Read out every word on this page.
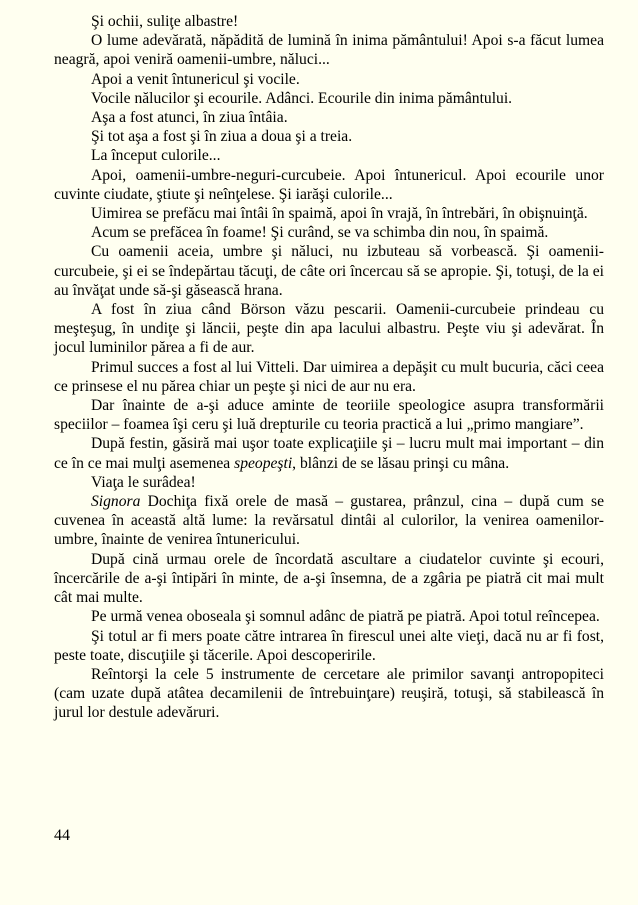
Şi ochii, suliţe albastre!

O lume adevărată, năpădită de lumină în inima pământului! Apoi s-a făcut lumea neagră, apoi veniră oamenii-umbre, năluci...

Apoi a venit întunericul şi vocile.

Vocile nălucilor şi ecourile. Adânci. Ecourile din inima pământului.

Aşa a fost atunci, în ziua întâia.

Şi tot aşa a fost şi în ziua a doua şi a treia.

La început culorile...

Apoi, oamenii-umbre-neguri-curcubeie. Apoi întunericul. Apoi ecourile unor cuvinte ciudate, ştiute şi neînţelese. Şi iarăşi culorile...

Uimirea se prefăcu mai întâi în spaimă, apoi în vrajă, în întrebări, în obişnuinţă.

Acum se prefăcea în foame! Şi curând, se va schimba din nou, în spaimă.

Cu oamenii aceia, umbre şi năluci, nu izbuteau să vorbească. Şi oamenii-curcubeie, şi ei se îndepărtau tăcuţi, de câte ori încercau să se apropie. Şi, totuşi, de la ei au învăţat unde să-şi găsească hrana.

A fost în ziua când Börson văzu pescarii. Oamenii-curcubeie prindeau cu meşteşug, în undiţe şi lăncii, peşte din apa lacului albastru. Peşte viu şi adevărat. În jocul luminilor părea a fi de aur.

Primul succes a fost al lui Vitteli. Dar uimirea a depăşit cu mult bucuria, căci ceea ce prinsese el nu părea chiar un peşte şi nici de aur nu era.

Dar înainte de a-şi aduce aminte de teoriile speologice asupra transformării speciilor – foamea îşi ceru şi luă drepturile cu teoria practică a lui „primo mangiare”.

După festin, găsiră mai uşor toate explicaţiile şi – lucru mult mai important – din ce în ce mai mulţi asemenea speopeşti, blânzi de se lăsau prinşi cu mâna.

Viaţa le surâdea!

Signora Dochiţa fixă orele de masă – gustarea, prânzul, cina – după cum se cuvenea în această altă lume: la revărsatul dintâi al culorilor, la venirea oamenilor-umbre, înainte de venirea întunericului.

După cină urmau orele de încordată ascultare a ciudatelor cuvinte şi ecouri, încercările de a-şi întipări în minte, de a-şi însemna, de a zgâria pe piatră cit mai mult cât mai multe.

Pe urmă venea oboseala şi somnul adânc de piatră pe piatră. Apoi totul reîncepea.

Şi totul ar fi mers poate către intrarea în firescul unei alte vieţi, dacă nu ar fi fost, peste toate, discuţiile şi tăcerile. Apoi descoperirile.

Reîntorşi la cele 5 instrumente de cercetare ale primilor savanţi antropopiteci (cam uzate după atâtea decamilenii de întrebuinţare) reuşiră, totuşi, să stabilească în jurul lor destule adevăruri.

44
